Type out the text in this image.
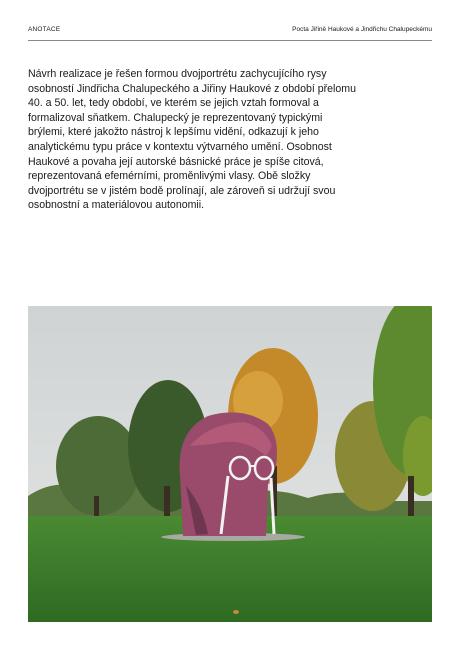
ANOTACE	Pocta Jiřině Haukové a Jindřichu Chalupeckému

Návrh realizace je řešen formou dvojportrétu zachycujícího rysy osobností Jindřicha Chalupeckého a Jiřiny Haukové z období přelomu 40. a 50. let, tedy období, ve kterém se jejich vztah formoval a formalizoval sňatkem. Chalupecký je reprezentovaný typickými brýlemi, které jakožto nástroj k lepšímu vidění, odkazují k jeho analytickému typu práce v kontextu výtvarného umění. Osobnost Haukové a povaha její autorské básnické práce je spíše citová, reprezentovaná efemérními, proměnlivými vlasy. Obě složky dvojportrétu se v jistém bodě prolínají, ale zároveň si udržují svou osobnostní a materiálovou autonomii.
